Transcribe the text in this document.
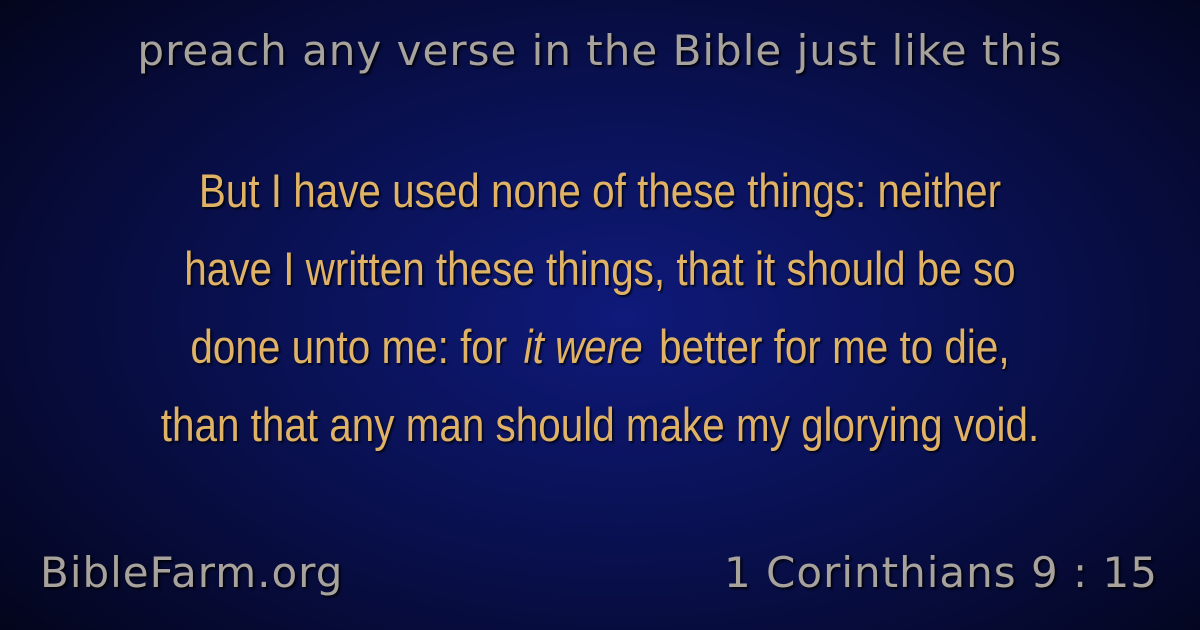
preach any verse in the Bible just like this
But I have used none of these things: neither
have I written these things, that it should be so
done unto me: for it were better for me to die,
than that any man should make my glorying void.
BibleFarm.org	1 Corinthians 9 : 15
